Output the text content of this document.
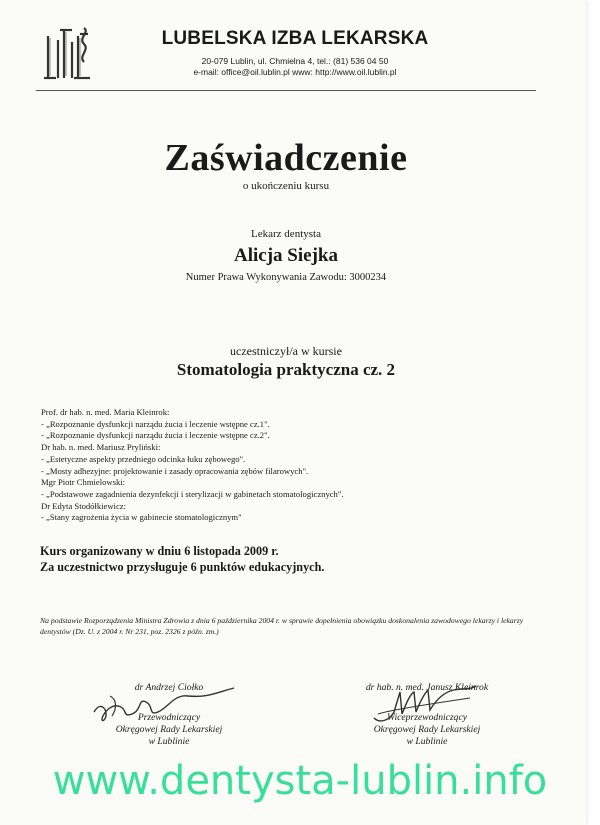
LUBELSKA IZBA LEKARSKA
20-079 Lublin, ul. Chmielna 4, tel.: (81) 536 04 50
e-mail: office@oil.lublin.pl www: http://www.oil.lublin.pl
Zaświadczenie
o ukończeniu kursu
Lekarz dentysta
Alicja Siejka
Numer Prawa Wykonywania Zawodu: 3000234
uczestniczył/a w kursie
Stomatologia praktyczna cz. 2
Prof. dr hab. n. med. Maria Kleinrok:
- „Rozpoznanie dysfunkcji narządu żucia i leczenie wstępne cz.1".
- „Rozpoznanie dysfunkcji narządu żucia i leczenie wstępne cz.2".
Dr hab. n. med. Mariusz Pryliński:
- „Estetyczne aspekty przedniego odcinka łuku zębowego".
- „Mosty adhezyjne: projektowanie i zasady opracowania zębów filarowych".
Mgr Piotr Chmielowski:
- „Podstawowe zagadnienia dezynfekcji i sterylizacji w gabinetach stomatologicznych".
Dr Edyta Stodółkiewicz:
- „Stany zagrożenia życia w gabinecie stomatologicznym"
Kurs organizowany w dniu 6 listopada 2009 r.
Za uczestnictwo przysługuje 6 punktów edukacyjnych.
Na podstawie Rozporządzenia Ministra Zdrowia z dnia 6 października 2004 r. w sprawie dopełnienia obowiązku doskonalenia zawodowego lekarzy i lekarzy dentystów (Dz. U. z 2004 r. Nr 231, poz. 2326 z późn. zm.)
dr Andrzej Ciołko
Przewodniczący
Okręgowej Rady Lekarskiej
w Lublinie
dr hab. n. med. Janusz Kleinrok
Wiceprzewodniczący
Okręgowej Rady Lekarskiej
w Lublinie
www.dentysta-lublin.info
